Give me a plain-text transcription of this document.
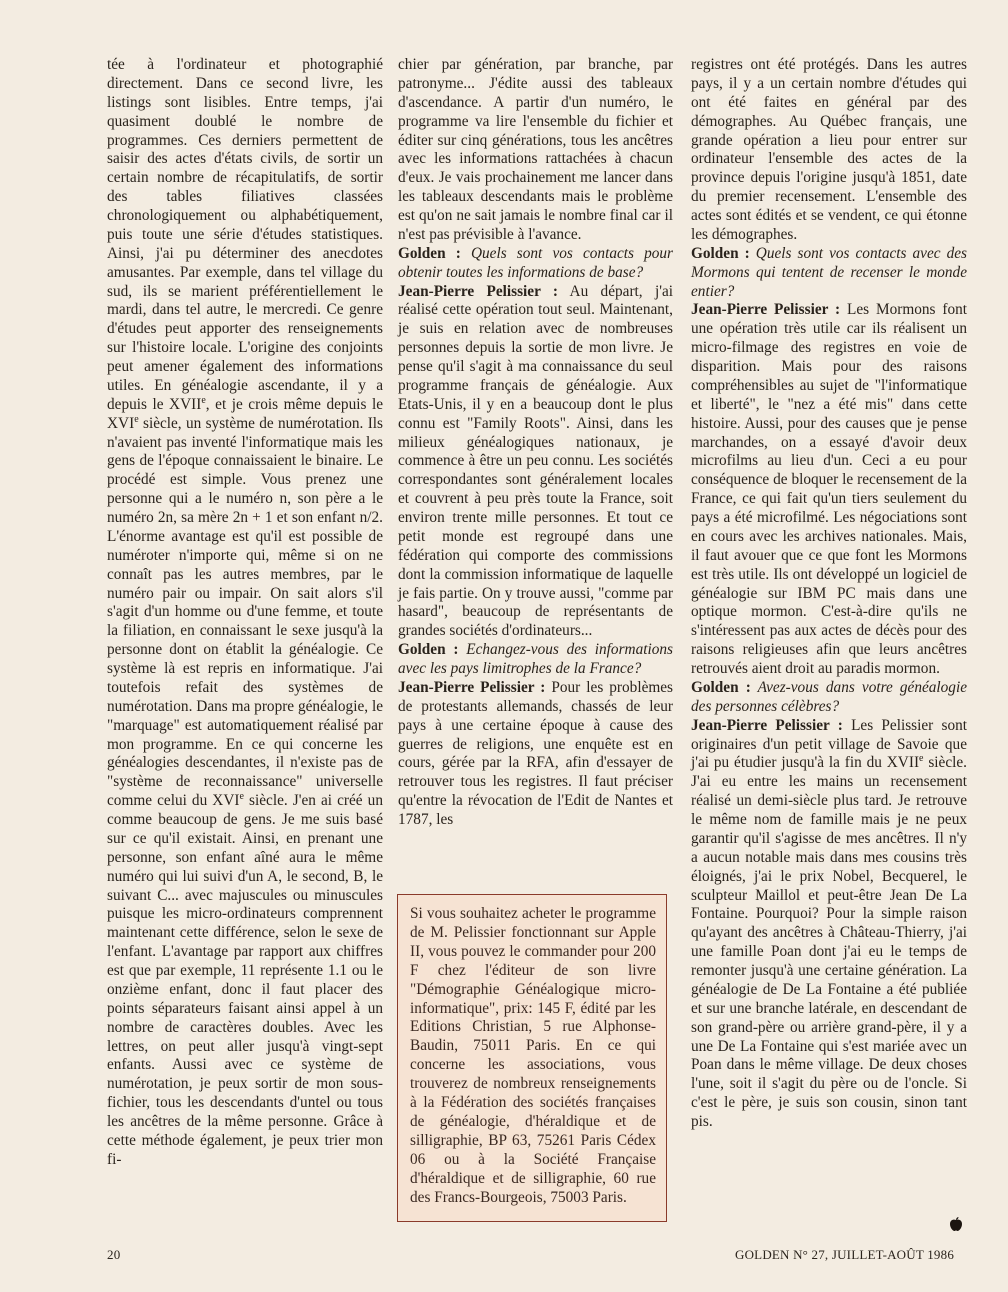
tée à l'ordinateur et photographié directement. Dans ce second livre, les listings sont lisibles. Entre temps, j'ai quasiment doublé le nombre de programmes. Ces derniers permettent de saisir des actes d'états civils, de sortir un certain nombre de récapitulatifs, de sortir des tables filiatives classées chronologiquement ou alphabétiquement, puis toute une série d'études statistiques. Ainsi, j'ai pu déterminer des anecdotes amusantes. Par exemple, dans tel village du sud, ils se marient préférentiellement le mardi, dans tel autre, le mercredi. Ce genre d'études peut apporter des renseignements sur l'histoire locale. L'origine des conjoints peut amener également des informations utiles. En généalogie ascendante, il y a depuis le XVIIe, et je crois même depuis le XVIe siècle, un système de numérotation. Ils n'avaient pas inventé l'informatique mais les gens de l'époque connaissaient le binaire. Le procédé est simple. Vous prenez une personne qui a le numéro n, son père a le numéro 2n, sa mère 2n + 1 et son enfant n/2. L'énorme avantage est qu'il est possible de numéroter n'importe qui, même si on ne connaît pas les autres membres, par le numéro pair ou impair. On sait alors s'il s'agit d'un homme ou d'une femme, et toute la filiation, en connaissant le sexe jusqu'à la personne dont on établit la généalogie. Ce système là est repris en informatique. J'ai toutefois refait des systèmes de numérotation. Dans ma propre généalogie, le "marquage" est automatiquement réalisé par mon programme. En ce qui concerne les généalogies descendantes, il n'existe pas de "système de reconnaissance" universelle comme celui du XVIe siècle. J'en ai créé un comme beaucoup de gens. Je me suis basé sur ce qu'il existait. Ainsi, en prenant une personne, son enfant aîné aura le même numéro qui lui suivi d'un A, le second, B, le suivant C... avec majuscules ou minuscules puisque les micro-ordinateurs comprennent maintenant cette différence, selon le sexe de l'enfant. L'avantage par rapport aux chiffres est que par exemple, 11 représente 1.1 ou le onzième enfant, donc il faut placer des points séparateurs faisant ainsi appel à un nombre de caractères doubles. Avec les lettres, on peut aller jusqu'à vingt-sept enfants. Aussi avec ce système de numérotation, je peux sortir de mon sous-fichier, tous les descendants d'untel ou tous les ancêtres de la même personne. Grâce à cette méthode également, je peux trier mon fi-

chier par génération, par branche, par patronyme... J'édite aussi des tableaux d'ascendance. A partir d'un numéro, le programme va lire l'ensemble du fichier et éditer sur cinq générations, tous les ancêtres avec les informations rattachées à chacun d'eux. Je vais prochainement me lancer dans les tableaux descendants mais le problème est qu'on ne sait jamais le nombre final car il n'est pas prévisible à l'avance.

Golden : Quels sont vos contacts pour obtenir toutes les informations de base?

Jean-Pierre Pelissier : Au départ, j'ai réalisé cette opération tout seul. Maintenant, je suis en relation avec de nombreuses personnes depuis la sortie de mon livre. Je pense qu'il s'agit à ma connaissance du seul programme français de généalogie. Aux Etats-Unis, il y en a beaucoup dont le plus connu est "Family Roots". Ainsi, dans les milieux généalogiques nationaux, je commence à être un peu connu. Les sociétés correspondantes sont généralement locales et couvrent à peu près toute la France, soit environ trente mille personnes. Et tout ce petit monde est regroupé dans une fédération qui comporte des commissions dont la commission informatique de laquelle je fais partie. On y trouve aussi, "comme par hasard", beaucoup de représentants de grandes sociétés d'ordinateurs...

Golden : Echangez-vous des informations avec les pays limitrophes de la France?

Jean-Pierre Pelissier : Pour les problèmes de protestants allemands, chassés de leur pays à une certaine époque à cause des guerres de religions, une enquête est en cours, gérée par la RFA, afin d'essayer de retrouver tous les registres. Il faut préciser qu'entre la révocation de l'Edit de Nantes et 1787, les

Si vous souhaitez acheter le programme de M. Pelissier fonctionnant sur Apple II, vous pouvez le commander pour 200 F chez l'éditeur de son livre "Démographie Généalogique micro-informatique", prix: 145 F, édité par les Editions Christian, 5 rue Alphonse-Baudin, 75011 Paris. En ce qui concerne les associations, vous trouverez de nombreux renseignements à la Fédération des sociétés françaises de généalogie, d'héraldique et de silligraphie, BP 63, 75261 Paris Cédex 06 ou à la Société Française d'héraldique et de silligraphie, 60 rue des Francs-Bourgeois, 75003 Paris.

registres ont été protégés. Dans les autres pays, il y a un certain nombre d'études qui ont été faites en général par des démographes. Au Québec français, une grande opération a lieu pour entrer sur ordinateur l'ensemble des actes de la province depuis l'origine jusqu'à 1851, date du premier recensement. L'ensemble des actes sont édités et se vendent, ce qui étonne les démographes.

Golden : Quels sont vos contacts avec des Mormons qui tentent de recenser le monde entier?

Jean-Pierre Pelissier : Les Mormons font une opération très utile car ils réalisent un micro-filmage des registres en voie de disparition. Mais pour des raisons compréhensibles au sujet de "l'informatique et liberté", le "nez a été mis" dans cette histoire. Aussi, pour des causes que je pense marchandes, on a essayé d'avoir deux microfilms au lieu d'un. Ceci a eu pour conséquence de bloquer le recensement de la France, ce qui fait qu'un tiers seulement du pays a été microfilmé. Les négociations sont en cours avec les archives nationales. Mais, il faut avouer que ce que font les Mormons est très utile. Ils ont développé un logiciel de généalogie sur IBM PC mais dans une optique mormon. C'est-à-dire qu'ils ne s'intéressent pas aux actes de décès pour des raisons religieuses afin que leurs ancêtres retrouvés aient droit au paradis mormon.

Golden : Avez-vous dans votre généalogie des personnes célèbres?

Jean-Pierre Pelissier : Les Pelissier sont originaires d'un petit village de Savoie que j'ai pu étudier jusqu'à la fin du XVIIe siècle. J'ai eu entre les mains un recensement réalisé un demi-siècle plus tard. Je retrouve le même nom de famille mais je ne peux garantir qu'il s'agisse de mes ancêtres. Il n'y a aucun notable mais dans mes cousins très éloignés, j'ai le prix Nobel, Becquerel, le sculpteur Maillol et peut-être Jean De La Fontaine. Pourquoi? Pour la simple raison qu'ayant des ancêtres à Château-Thierry, j'ai une famille Poan dont j'ai eu le temps de remonter jusqu'à une certaine génération. La généalogie de De La Fontaine a été publiée et sur une branche latérale, en descendant de son grand-père ou arrière grand-père, il y a une De La Fontaine qui s'est mariée avec un Poan dans le même village. De deux choses l'une, soit il s'agit du père ou de l'oncle. Si c'est le père, je suis son cousin, sinon tant pis.

20	GOLDEN N° 27, JUILLET-AOÛT 1986
